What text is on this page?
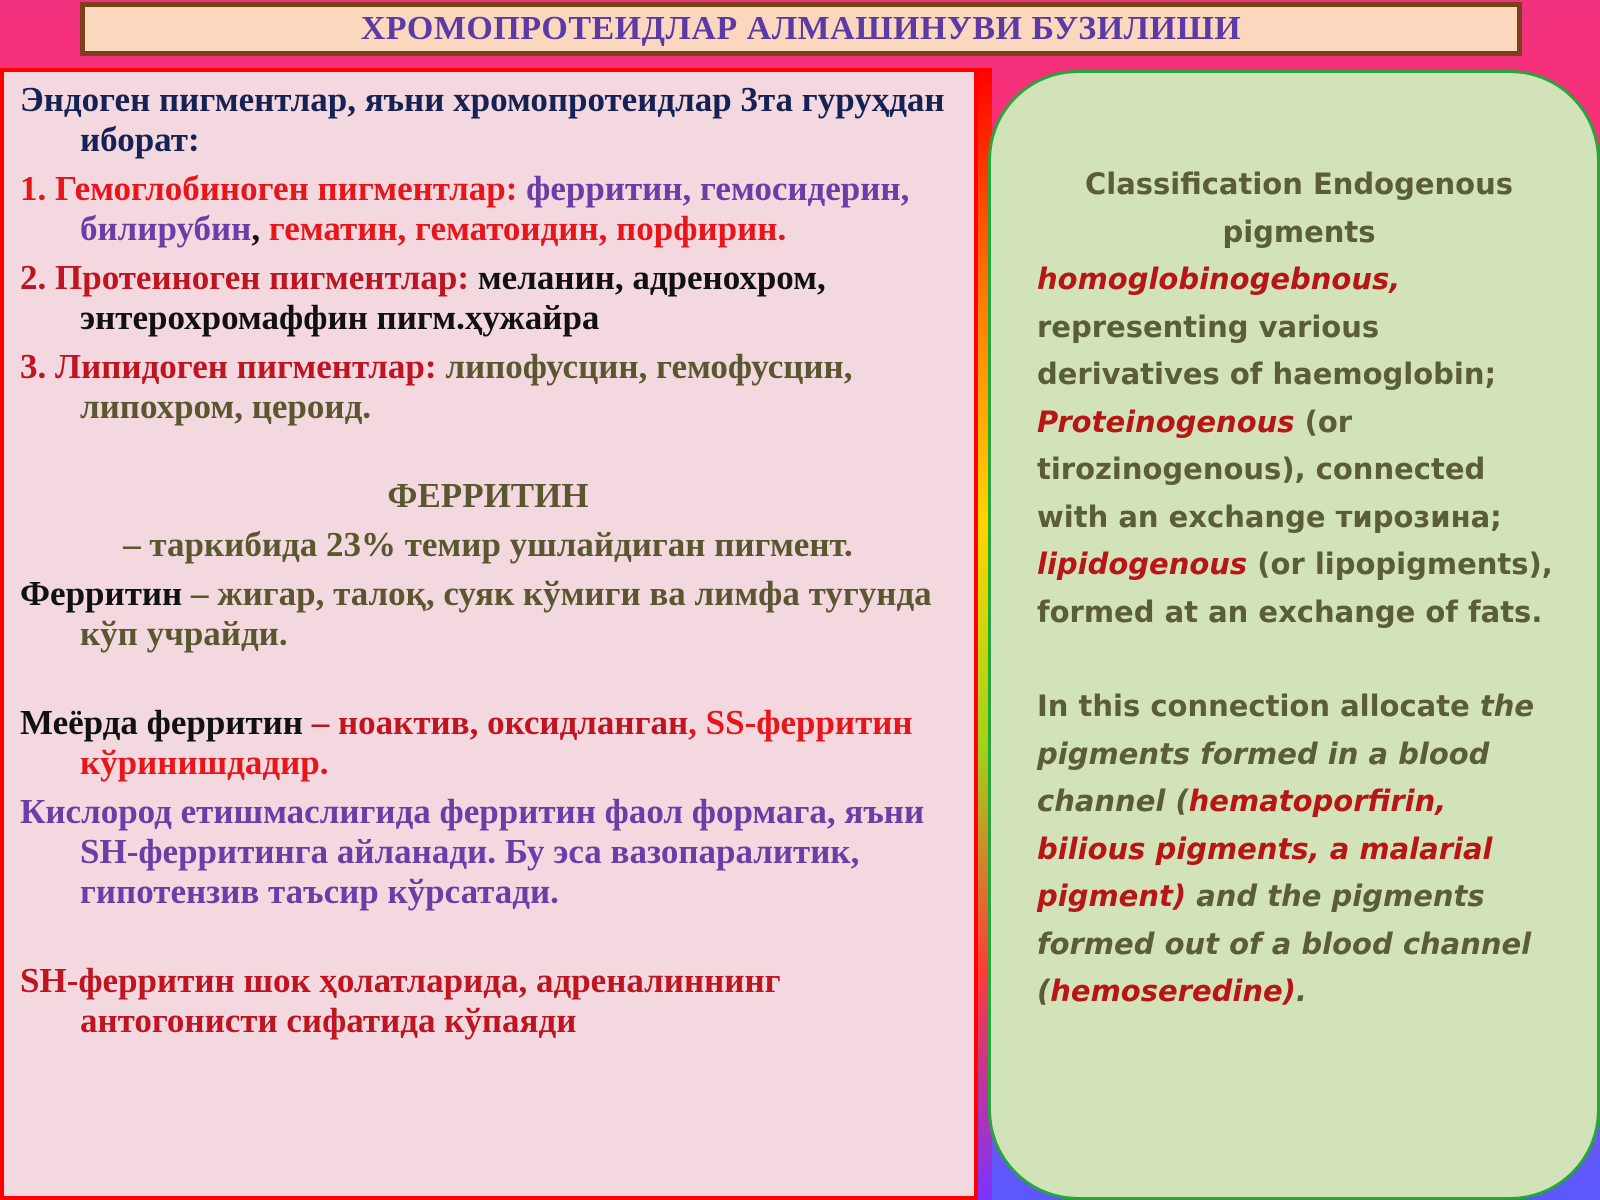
ХРОМОПРОТЕИДЛАР АЛМАШИНУВИ БУЗИЛИШИ

Эндоген пигментлар, яъни хромопротеидлар 3та гуруҳдан иборат:

1. Гемоглобиноген пигментлар: ферритин, гемосидерин, билирубин, гематин, гематоидин, порфирин.

2. Протеиноген пигментлар: меланин, адренохром, энтерохромаффин пигм.ҳужайра

3. Липидоген пигментлар: липофусцин, гемофусцин, липохром, цероид.

ФЕРРИТИН

– таркибида 23% темир ушлайдиган пигмент.

Ферритин – жигар, талоқ, суяк кўмиги ва лимфа тугунда кўп учрайди.

Меёрда ферритин – ноактив, оксидланган, SS-ферритин кўринишдадир.

Кислород етишмаслигида ферритин фаол формага, яъни SH-ферритинга айланади. Бу эса вазопаралитик, гипотензив таъсир кўрсатади.

SH-ферритин шок ҳолатларида, адреналиннинг антогонисти сифатида кўпаяди

Classification Endogenous pigments

homoglobinogebnous, representing various derivatives of haemoglobin; Proteinogenous (or tirozinogenous), connected with an exchange тирозина; lipidogenous (or lipopigments), formed at an exchange of fats.

In this connection allocate the pigments formed in a blood channel (hematoporfirin, bilious pigments, a malarial pigment) and the pigments formed out of a blood channel (hemoseredine).
